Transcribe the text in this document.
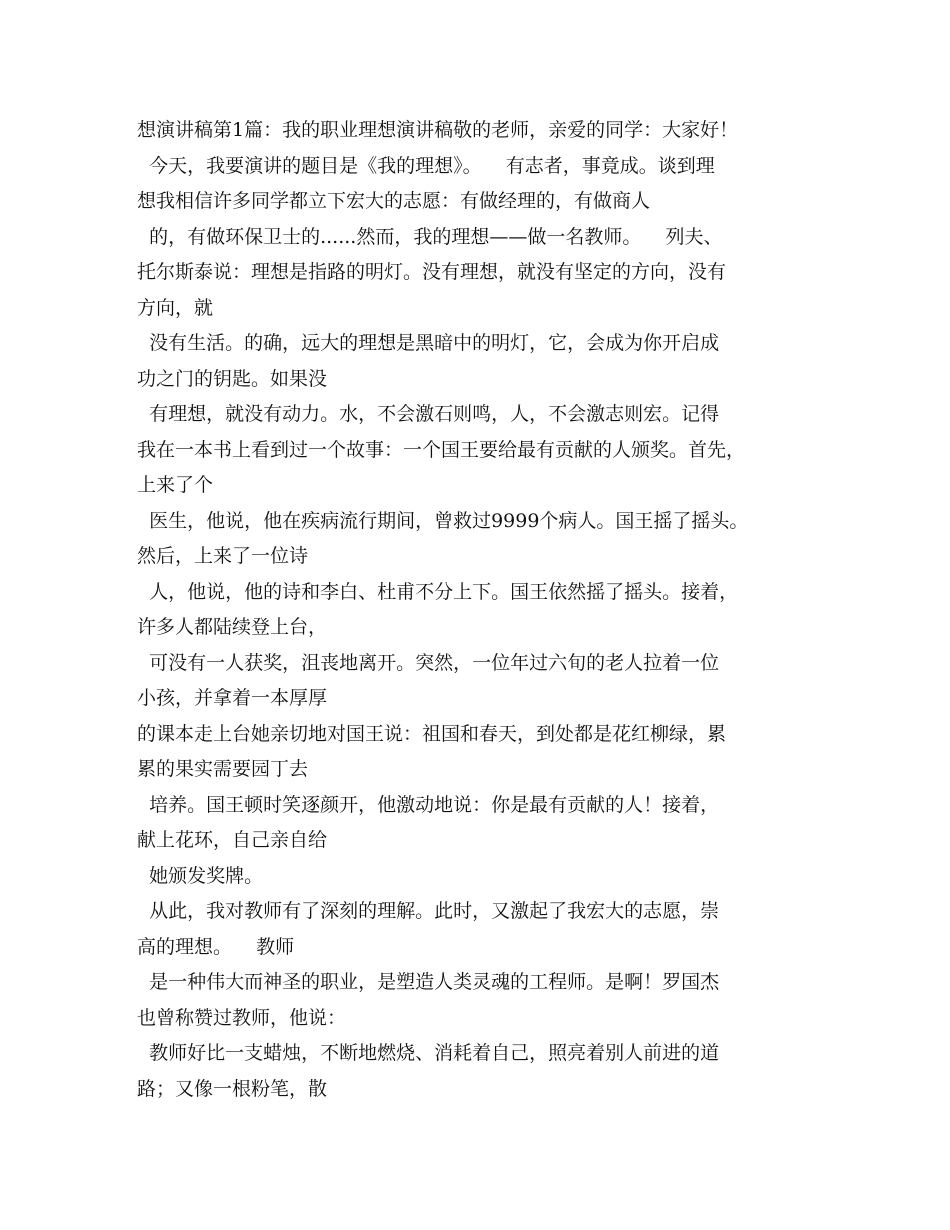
想演讲稿第1篇：我的职业理想演讲稿敬的老师，亲爱的同学：大家好！
今天，我要演讲的题目是《我的理想》。    有志者，事竟成。谈到理
想我相信许多同学都立下宏大的志愿：有做经理的，有做商人
的，有做环保卫士的......然而，我的理想——做一名教师。    列夫、
托尔斯泰说：理想是指路的明灯。没有理想，就没有坚定的方向，没有
方向，就
没有生活。的确，远大的理想是黑暗中的明灯，它，会成为你开启成
功之门的钥匙。如果没
有理想，就没有动力。水，不会激石则鸣，人，不会激志则宏。记得
我在一本书上看到过一个故事：一个国王要给最有贡献的人颁奖。首先，
上来了个
医生，他说，他在疾病流行期间，曾救过9999个病人。国王摇了摇头。
然后，上来了一位诗
人，他说，他的诗和李白、杜甫不分上下。国王依然摇了摇头。接着，
许多人都陆续登上台，
可没有一人获奖，沮丧地离开。突然，一位年过六旬的老人拉着一位
小孩，并拿着一本厚厚
的课本走上台她亲切地对国王说：祖国和春天，到处都是花红柳绿，累
累的果实需要园丁去
培养。国王顿时笑逐颜开，他激动地说：你是最有贡献的人！接着，
献上花环，自己亲自给
她颁发奖牌。
从此，我对教师有了深刻的理解。此时，又激起了我宏大的志愿，崇
高的理想。    教师
是一种伟大而神圣的职业，是塑造人类灵魂的工程师。是啊！罗国杰
也曾称赞过教师，他说：
教师好比一支蜡烛，不断地燃烧、消耗着自己，照亮着别人前进的道
路；又像一根粉笔，散
